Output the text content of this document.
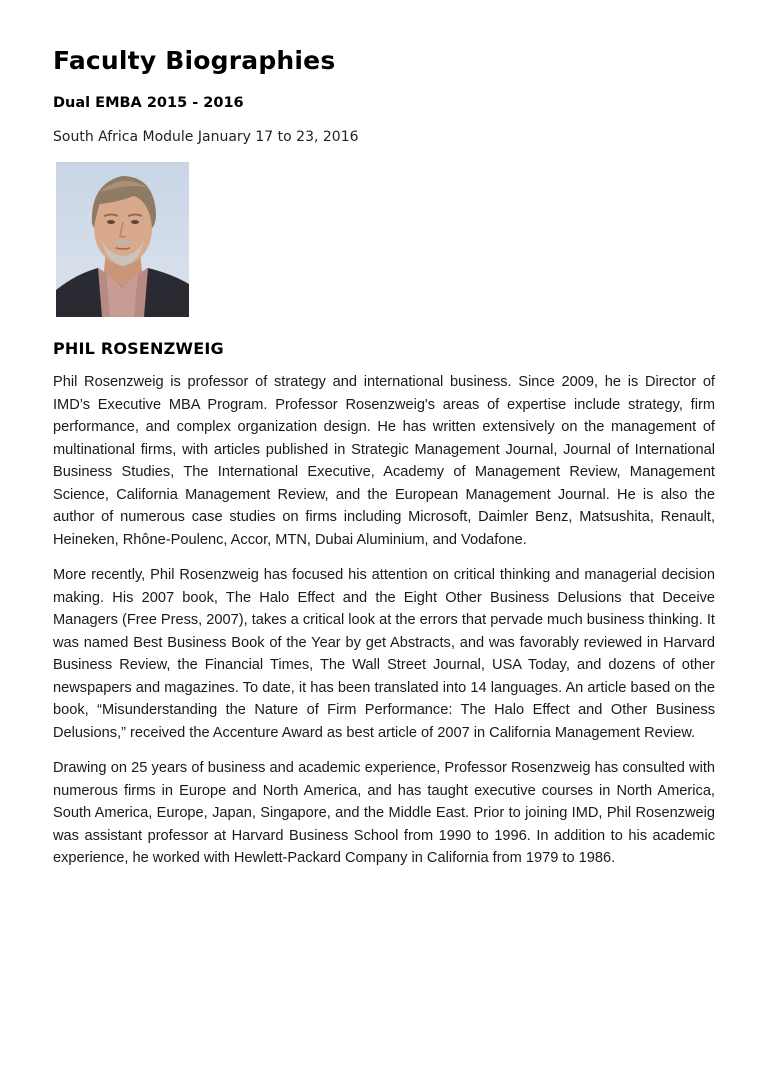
Faculty Biographies
Dual EMBA 2015 - 2016

South Africa Module January 17 to 23, 2016

PHIL ROSENZWEIG

Phil Rosenzweig is professor of strategy and international business. Since 2009, he is Director of IMD’s Executive MBA Program. Professor Rosenzweig's areas of expertise include strategy, firm performance, and complex organization design. He has written extensively on the management of multinational firms, with articles published in Strategic Management Journal, Journal of International Business Studies, The International Executive, Academy of Management Review, Management Science, California Management Review, and the European Management Journal. He is also the author of numerous case studies on firms including Microsoft, Daimler Benz, Matsushita, Renault, Heineken, Rhône-Poulenc, Accor, MTN, Dubai Aluminium, and Vodafone.

More recently, Phil Rosenzweig has focused his attention on critical thinking and managerial decision making. His 2007 book, The Halo Effect and the Eight Other Business Delusions that Deceive Managers (Free Press, 2007), takes a critical look at the errors that pervade much business thinking. It was named Best Business Book of the Year by get Abstracts, and was favorably reviewed in Harvard Business Review, the Financial Times, The Wall Street Journal, USA Today, and dozens of other newspapers and magazines. To date, it has been translated into 14 languages. An article based on the book, “Misunderstanding the Nature of Firm Performance: The Halo Effect and Other Business Delusions,” received the Accenture Award as best article of 2007 in California Management Review.

Drawing on 25 years of business and academic experience, Professor Rosenzweig has consulted with numerous firms in Europe and North America, and has taught executive courses in North America, South America, Europe, Japan, Singapore, and the Middle East. Prior to joining IMD, Phil Rosenzweig was assistant professor at Harvard Business School from 1990 to 1996. In addition to his academic experience, he worked with Hewlett-Packard Company in California from 1979 to 1986.
